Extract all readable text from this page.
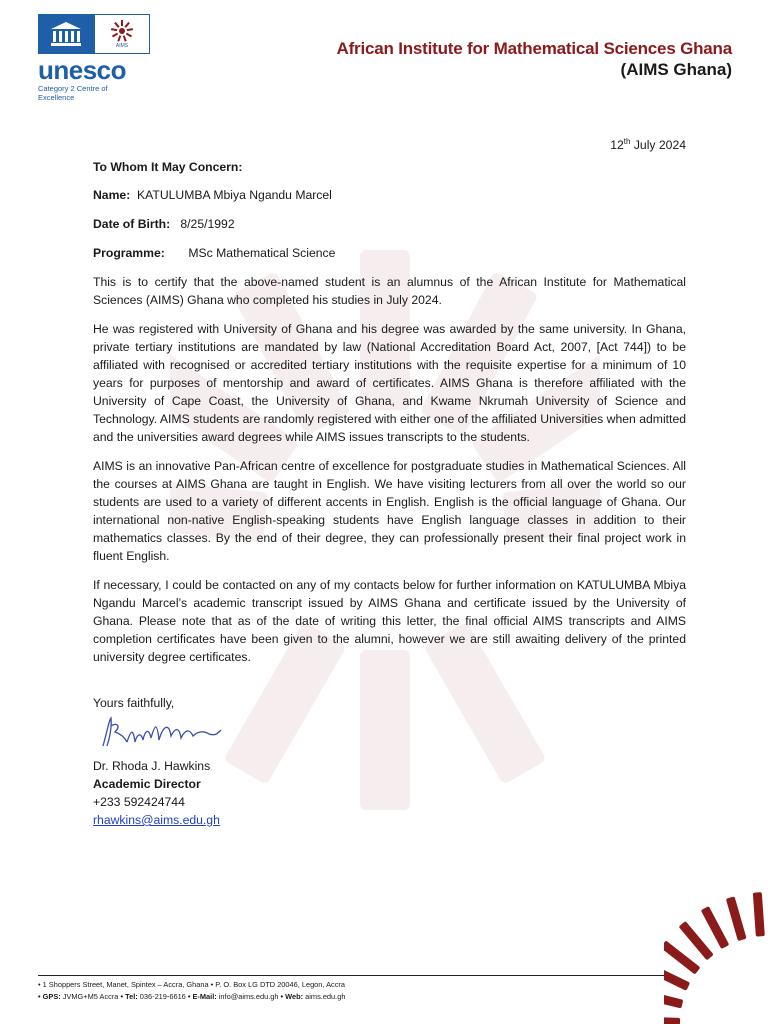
AIMS
unesco
Category 2 Centre of Excellence
African Institute for Mathematical Sciences Ghana
(AIMS Ghana)
12th July 2024
To Whom It May Concern:
Name: KATULUMBA Mbiya Ngandu Marcel
Date of Birth: 8/25/1992
Programme: MSc Mathematical Science

This is to certify that the above-named student is an alumnus of the African Institute for Mathematical Sciences (AIMS) Ghana who completed his studies in July 2024.

He was registered with University of Ghana and his degree was awarded by the same university. In Ghana, private tertiary institutions are mandated by law (National Accreditation Board Act, 2007, [Act 744]) to be affiliated with recognised or accredited tertiary institutions with the requisite expertise for a minimum of 10 years for purposes of mentorship and award of certificates. AIMS Ghana is therefore affiliated with the University of Cape Coast, the University of Ghana, and Kwame Nkrumah University of Science and Technology. AIMS students are randomly registered with either one of the affiliated Universities when admitted and the universities award degrees while AIMS issues transcripts to the students.

AIMS is an innovative Pan-African centre of excellence for postgraduate studies in Mathematical Sciences. All the courses at AIMS Ghana are taught in English. We have visiting lecturers from all over the world so our students are used to a variety of different accents in English. English is the official language of Ghana. Our international non-native English-speaking students have English language classes in addition to their mathematics classes. By the end of their degree, they can professionally present their final project work in fluent English.

If necessary, I could be contacted on any of my contacts below for further information on KATULUMBA Mbiya Ngandu Marcel’s academic transcript issued by AIMS Ghana and certificate issued by the University of Ghana. Please note that as of the date of writing this letter, the final official AIMS transcripts and AIMS completion certificates have been given to the alumni, however we are still awaiting delivery of the printed university degree certificates.

Yours faithfully,
Dr. Rhoda J. Hawkins
Academic Director
+233 592424744
rhawkins@aims.edu.gh
• 1 Shoppers Street, Manet, Spintex – Accra, Ghana • P. O. Box LG DTD 20046, Legon, Accra
• GPS: JVMG+M5 Accra • Tel: 036-219-6616 • E-Mail: info@aims.edu.gh • Web: aims.edu.gh
